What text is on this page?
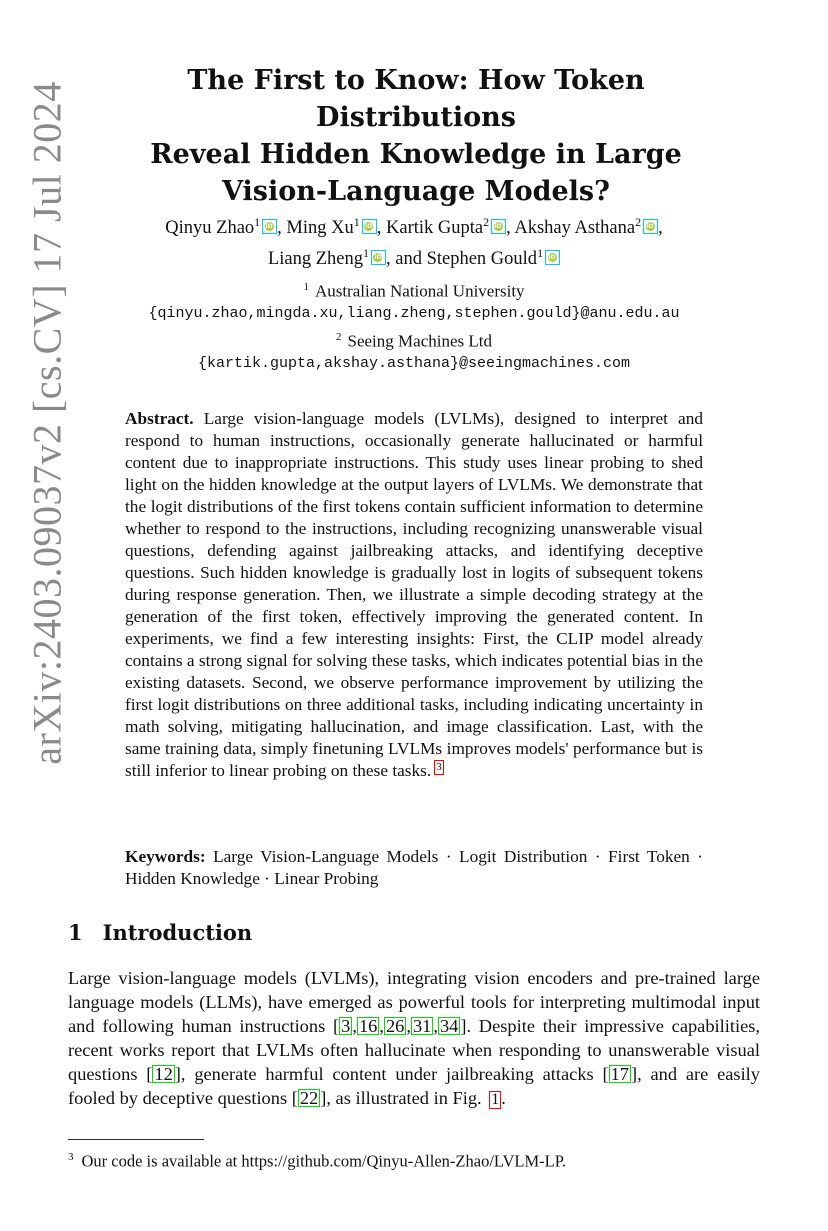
arXiv:2403.09037v2 [cs.CV] 17 Jul 2024
The First to Know: How Token Distributions
Reveal Hidden Knowledge in Large
Vision-Language Models?
Qinyu Zhao$^1$ iD , Ming Xu$^1$ iD , Kartik Gupta$^2$ iD , Akshay Asthana$^2$ iD ,
Liang Zheng$^1$ iD , and Stephen Gould$^1$ iD
$^1$ Australian National University
{qinyu.zhao,mingda.xu,liang.zheng,stephen.gould}@anu.edu.au
$^2$ Seeing Machines Ltd
{kartik.gupta,akshay.asthana}@seeingmachines.com
Abstract. Large vision-language models (LVLMs), designed to interpret and respond to human instructions, occasionally generate hallucinated or harmful content due to inappropriate instructions. This study uses linear probing to shed light on the hidden knowledge at the output layers of LVLMs. We demonstrate that the logit distributions of the first tokens contain sufficient information to determine whether to respond to the instructions, including recognizing unanswerable visual questions, defending against jailbreaking attacks, and identifying deceptive questions. Such hidden knowledge is gradually lost in logits of subsequent tokens during response generation. Then, we illustrate a simple decoding strategy at the generation of the first token, effectively improving the generated content. In experiments, we find a few interesting insights: First, the CLIP model already contains a strong signal for solving these tasks, which indicates potential bias in the existing datasets. Second, we observe performance improvement by utilizing the first logit distributions on three additional tasks, including indicating uncertainty in math solving, mitigating hallucination, and image classification. Last, with the same training data, simply finetuning LVLMs improves models' performance but is still inferior to linear probing on these tasks. 3
Keywords: Large Vision-Language Models · Logit Distribution · First Token · Hidden Knowledge · Linear Probing
1 Introduction
Large vision-language models (LVLMs), integrating vision encoders and pre-trained large language models (LLMs), have emerged as powerful tools for interpreting multimodal input and following human instructions [ 3 , 16 , 26 , 31 , 34 ]. Despite their impressive capabilities, recent works report that LVLMs often hallucinate when responding to unanswerable visual questions [ 12 ], generate harmful content under jailbreaking attacks [ 17 ], and are easily fooled by deceptive questions [ 22 ], as illustrated in Fig. 1 .
$^3$ Our code is available at https://github.com/Qinyu-Allen-Zhao/LVLM-LP.
